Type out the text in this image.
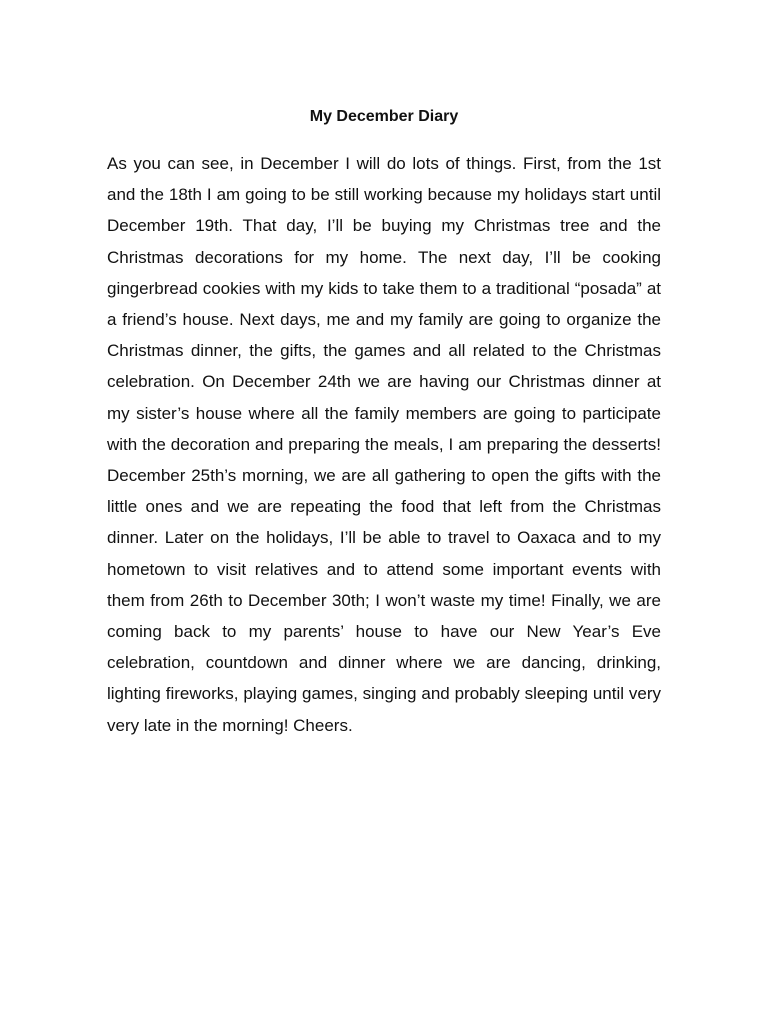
My December Diary

As you can see, in December I will do lots of things. First, from the 1st and the 18th I am going to be still working because my holidays start until December 19th. That day, I’ll be buying my Christmas tree and the Christmas decorations for my home. The next day, I’ll be cooking gingerbread cookies with my kids to take them to a traditional “posada” at a friend’s house. Next days, me and my family are going to organize the Christmas dinner, the gifts, the games and all related to the Christmas celebration. On December 24th we are having our Christmas dinner at my sister’s house where all the family members are going to participate with the decoration and preparing the meals, I am preparing the desserts! December 25th’s morning, we are all gathering to open the gifts with the little ones and we are repeating the food that left from the Christmas dinner. Later on the holidays, I’ll be able to travel to Oaxaca and to my hometown to visit relatives and to attend some important events with them from 26th to December 30th; I won’t waste my time! Finally, we are coming back to my parents’ house to have our New Year’s Eve celebration, countdown and dinner where we are dancing, drinking, lighting fireworks, playing games, singing and probably sleeping until very very late in the morning! Cheers.
